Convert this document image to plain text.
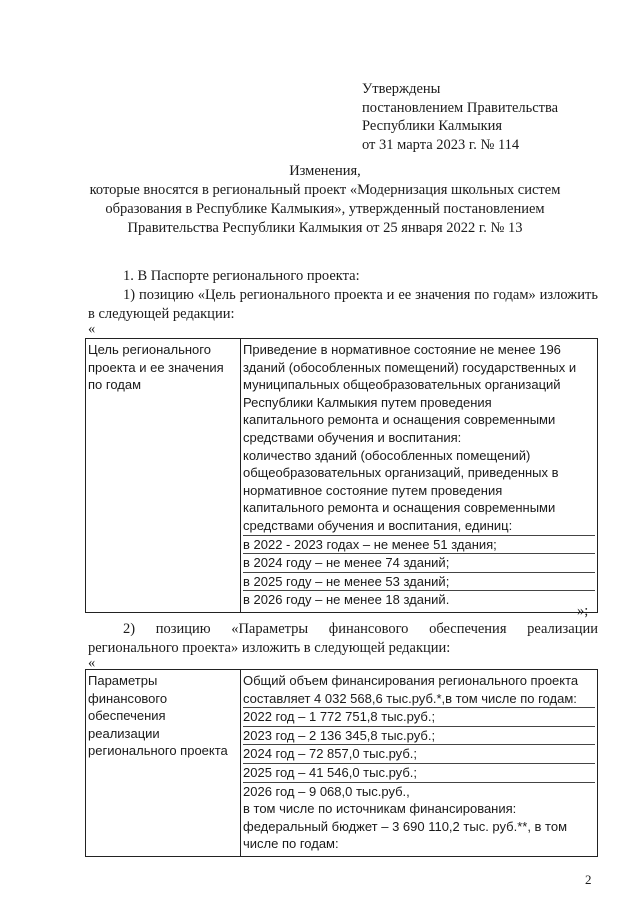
Утверждены
постановлением Правительства
Республики Калмыкия
от 31 марта 2023 г. № 114
Изменения,
которые вносятся в региональный проект «Модернизация школьных систем
образования в Республике Калмыкия», утвержденный постановлением
Правительства Республики Калмыкия от 25 января 2022 г. № 13
1. В Паспорте регионального проекта:
1) позицию «Цель регионального проекта и ее значения по годам» изложить в следующей редакции:
«
Цель регионального
проекта и ее значения
по годам

Приведение в нормативное состояние не менее 196
зданий (обособленных помещений) государственных и
муниципальных общеобразовательных организаций
Республики Калмыкия путем проведения
капитального ремонта и оснащения современными
средствами обучения и воспитания:
количество зданий (обособленных помещений)
общеобразовательных организаций, приведенных в
нормативное состояние путем проведения
капитального ремонта и оснащения современными
средствами обучения и воспитания, единиц:
в 2022 - 2023 годах – не менее 51 здания;
в 2024 году – не менее 74 зданий;
в 2025 году – не менее 53 зданий;
в 2026 году – не менее 18 зданий.
»;
2) позицию «Параметры финансового обеспечения реализации регионального проекта» изложить в следующей редакции:
«
Параметры
финансового
обеспечения
реализации
регионального проекта

Общий объем финансирования регионального проекта
составляет 4 032 568,6 тыс.руб.*,в том числе по годам:
2022 год – 1 772 751,8 тыс.руб.;
2023 год – 2 136 345,8 тыс.руб.;
2024 год – 72 857,0 тыс.руб.;
2025 год – 41 546,0 тыс.руб.;
2026 год – 9 068,0 тыс.руб.,
в том числе по источникам финансирования:
федеральный бюджет – 3 690 110,2 тыс. руб.**, в том
числе по годам:
2
